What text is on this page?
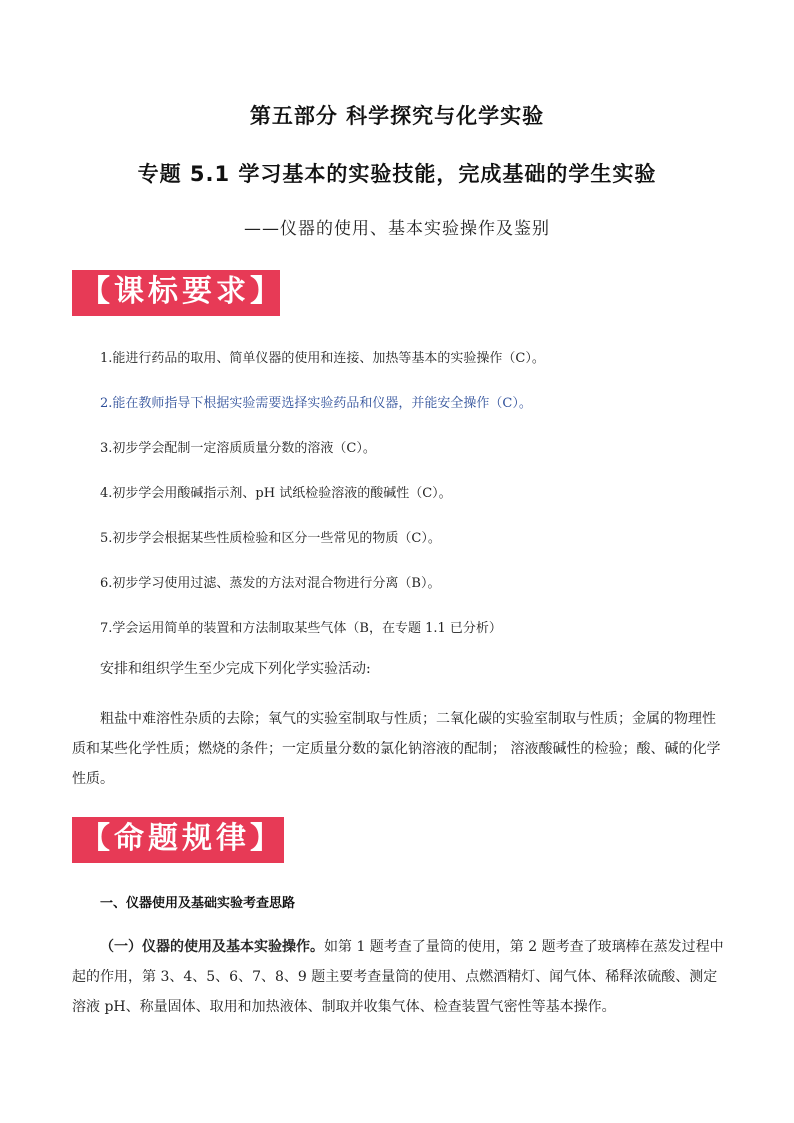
第五部分 科学探究与化学实验
专题 5.1 学习基本的实验技能，完成基础的学生实验
——仪器的使用、基本实验操作及鉴别
【课标要求】
1.能进行药品的取用、简单仪器的使用和连接、加热等基本的实验操作（C）。
2.能在教师指导下根据实验需要选择实验药品和仪器，并能安全操作（C）。
3.初步学会配制一定溶质质量分数的溶液（C）。
4.初步学会用酸碱指示剂、pH 试纸检验溶液的酸碱性（C）。
5.初步学会根据某些性质检验和区分一些常见的物质（C）。
6.初步学习使用过滤、蒸发的方法对混合物进行分离（B）。
7.学会运用简单的装置和方法制取某些气体（B，在专题 1.1 已分析）
安排和组织学生至少完成下列化学实验活动:
粗盐中难溶性杂质的去除；氧气的实验室制取与性质；二氧化碳的实验室制取与性质；金属的物理性质和某些化学性质；燃烧的条件；一定质量分数的氯化钠溶液的配制； 溶液酸碱性的检验；酸、碱的化学性质。
【命题规律】
一、仪器使用及基础实验考查思路
（一）仪器的使用及基本实验操作。如第 1 题考查了量筒的使用，第 2 题考查了玻璃棒在蒸发过程中起的作用，第 3、4、5、6、7、8、9 题主要考查量筒的使用、点燃酒精灯、闻气体、稀释浓硫酸、测定溶液 pH、称量固体、取用和加热液体、制取并收集气体、检查装置气密性等基本操作。
